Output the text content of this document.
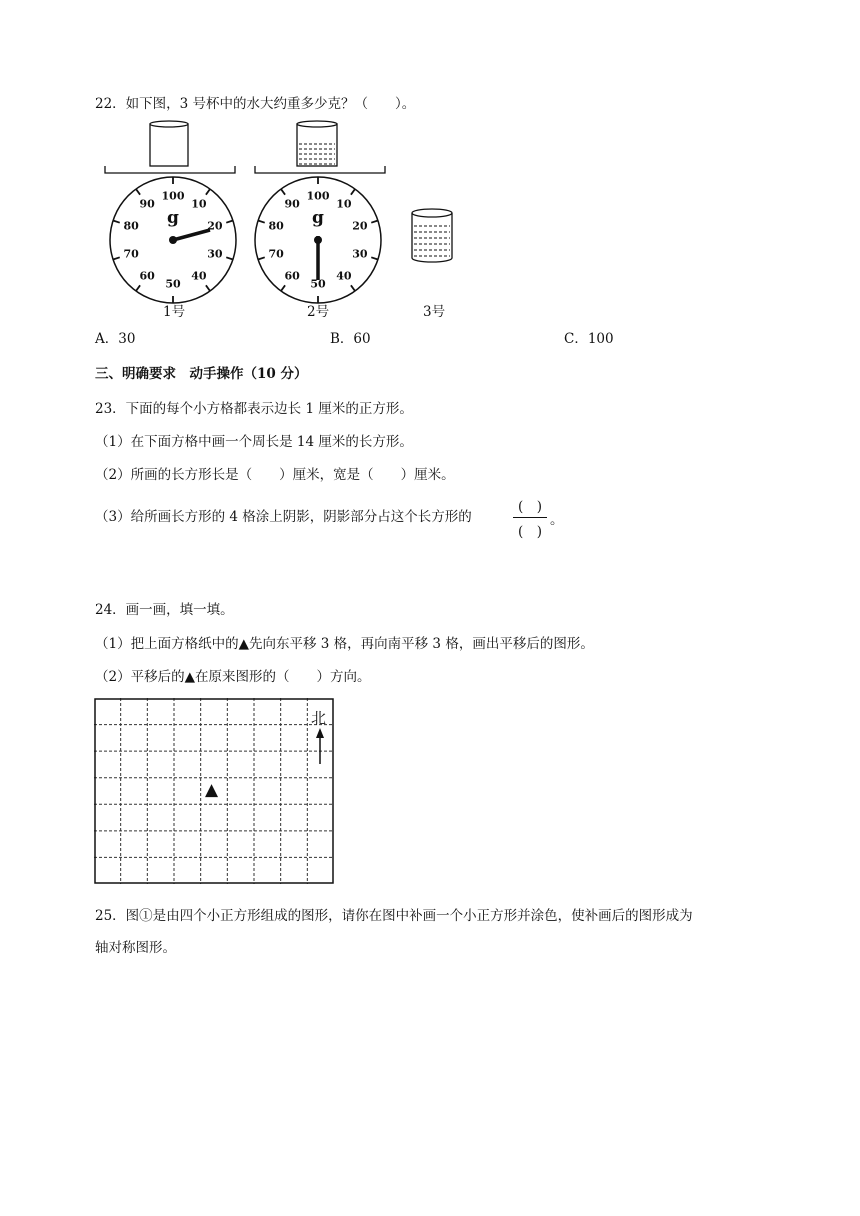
22．如下图，3 号杯中的水大约重多少克？（　　）。
100
10
20
30
40
50
60
70
80
90
g
100
10
20
30
40
50
60
70
80
90
g
1号	2号	3号
A．30	B．60	C．100
三、明确要求　动手操作（10 分）
23．下面的每个小方格都表示边长 1 厘米的正方形。
（1）在下面方格中画一个周长是 14 厘米的长方形。
（2）所画的长方形长是（　　）厘米，宽是（　　）厘米。
（3）给所画长方形的 4 格涂上阴影，阴影部分占这个长方形的
(　)
(　)
。
24．画一画，填一填。
（1）把上面方格纸中的▲先向东平移 3 格，再向南平移 3 格，画出平移后的图形。
（2）平移后的▲在原来图形的（　　）方向。
北
▲
25．图①是由四个小正方形组成的图形，请你在图中补画一个小正方形并涂色，使补画后的图形成为
轴对称图形。
